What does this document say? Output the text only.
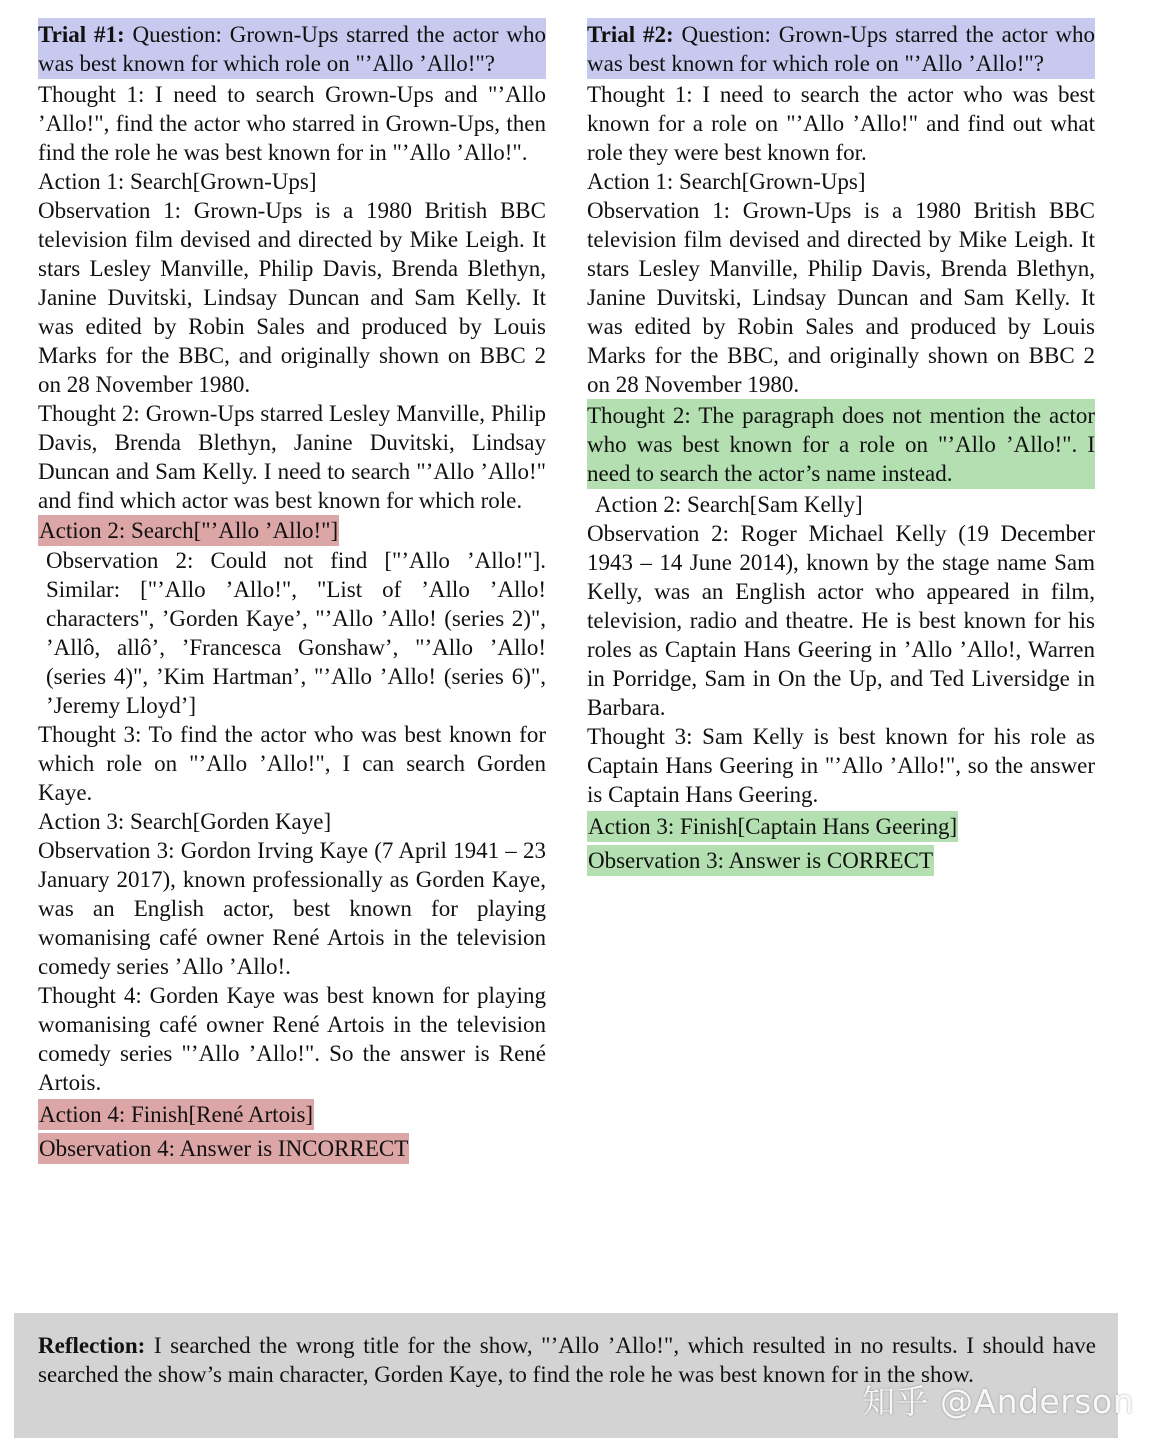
Trial #1: Question: Grown-Ups starred the actor who was best known for which role on "’Allo ’Allo!"?
Thought 1: I need to search Grown-Ups and "’Allo ’Allo!", find the actor who starred in Grown-Ups, then find the role he was best known for in "’Allo ’Allo!".
Action 1: Search[Grown-Ups]
Observation 1: Grown-Ups is a 1980 British BBC television film devised and directed by Mike Leigh. It stars Lesley Manville, Philip Davis, Brenda Blethyn, Janine Duvitski, Lindsay Duncan and Sam Kelly. It was edited by Robin Sales and produced by Louis Marks for the BBC, and originally shown on BBC 2 on 28 November 1980.
Thought 2: Grown-Ups starred Lesley Manville, Philip Davis, Brenda Blethyn, Janine Duvitski, Lindsay Duncan and Sam Kelly. I need to search "’Allo ’Allo!" and find which actor was best known for which role.
Action 2: Search["’Allo ’Allo!"]
Observation 2: Could not find ["’Allo ’Allo!"]. Similar: ["’Allo ’Allo!", "List of ’Allo ’Allo! characters", ’Gorden Kaye’, "’Allo ’Allo! (series 2)", ’Allô, allô’, ’Francesca Gonshaw’, "’Allo ’Allo! (series 4)", ’Kim Hartman’, "’Allo ’Allo! (series 6)", ’Jeremy Lloyd’]
Thought 3: To find the actor who was best known for which role on "’Allo ’Allo!", I can search Gorden Kaye.
Action 3: Search[Gorden Kaye]
Observation 3: Gordon Irving Kaye (7 April 1941 – 23 January 2017), known professionally as Gorden Kaye, was an English actor, best known for playing womanising café owner René Artois in the television comedy series ’Allo ’Allo!.
Thought 4: Gorden Kaye was best known for playing womanising café owner René Artois in the television comedy series "’Allo ’Allo!". So the answer is René Artois.
Action 4: Finish[René Artois]
Observation 4: Answer is INCORRECT
Trial #2: Question: Grown-Ups starred the actor who was best known for which role on "’Allo ’Allo!"?
Thought 1: I need to search the actor who was best known for a role on "’Allo ’Allo!" and find out what role they were best known for.
Action 1: Search[Grown-Ups]
Observation 1: Grown-Ups is a 1980 British BBC television film devised and directed by Mike Leigh. It stars Lesley Manville, Philip Davis, Brenda Blethyn, Janine Duvitski, Lindsay Duncan and Sam Kelly. It was edited by Robin Sales and produced by Louis Marks for the BBC, and originally shown on BBC 2 on 28 November 1980.
Thought 2: The paragraph does not mention the actor who was best known for a role on "’Allo ’Allo!". I need to search the actor’s name instead.
Action 2: Search[Sam Kelly]
Observation 2: Roger Michael Kelly (19 December 1943 – 14 June 2014), known by the stage name Sam Kelly, was an English actor who appeared in film, television, radio and theatre. He is best known for his roles as Captain Hans Geering in ’Allo ’Allo!, Warren in Porridge, Sam in On the Up, and Ted Liversidge in Barbara.
Thought 3: Sam Kelly is best known for his role as Captain Hans Geering in "’Allo ’Allo!", so the answer is Captain Hans Geering.
Action 3: Finish[Captain Hans Geering]
Observation 3: Answer is CORRECT
Reflection: I searched the wrong title for the show, "’Allo ’Allo!", which resulted in no results. I should have searched the show’s main character, Gorden Kaye, to find the role he was best known for in the show.
知乎 @Anderson
